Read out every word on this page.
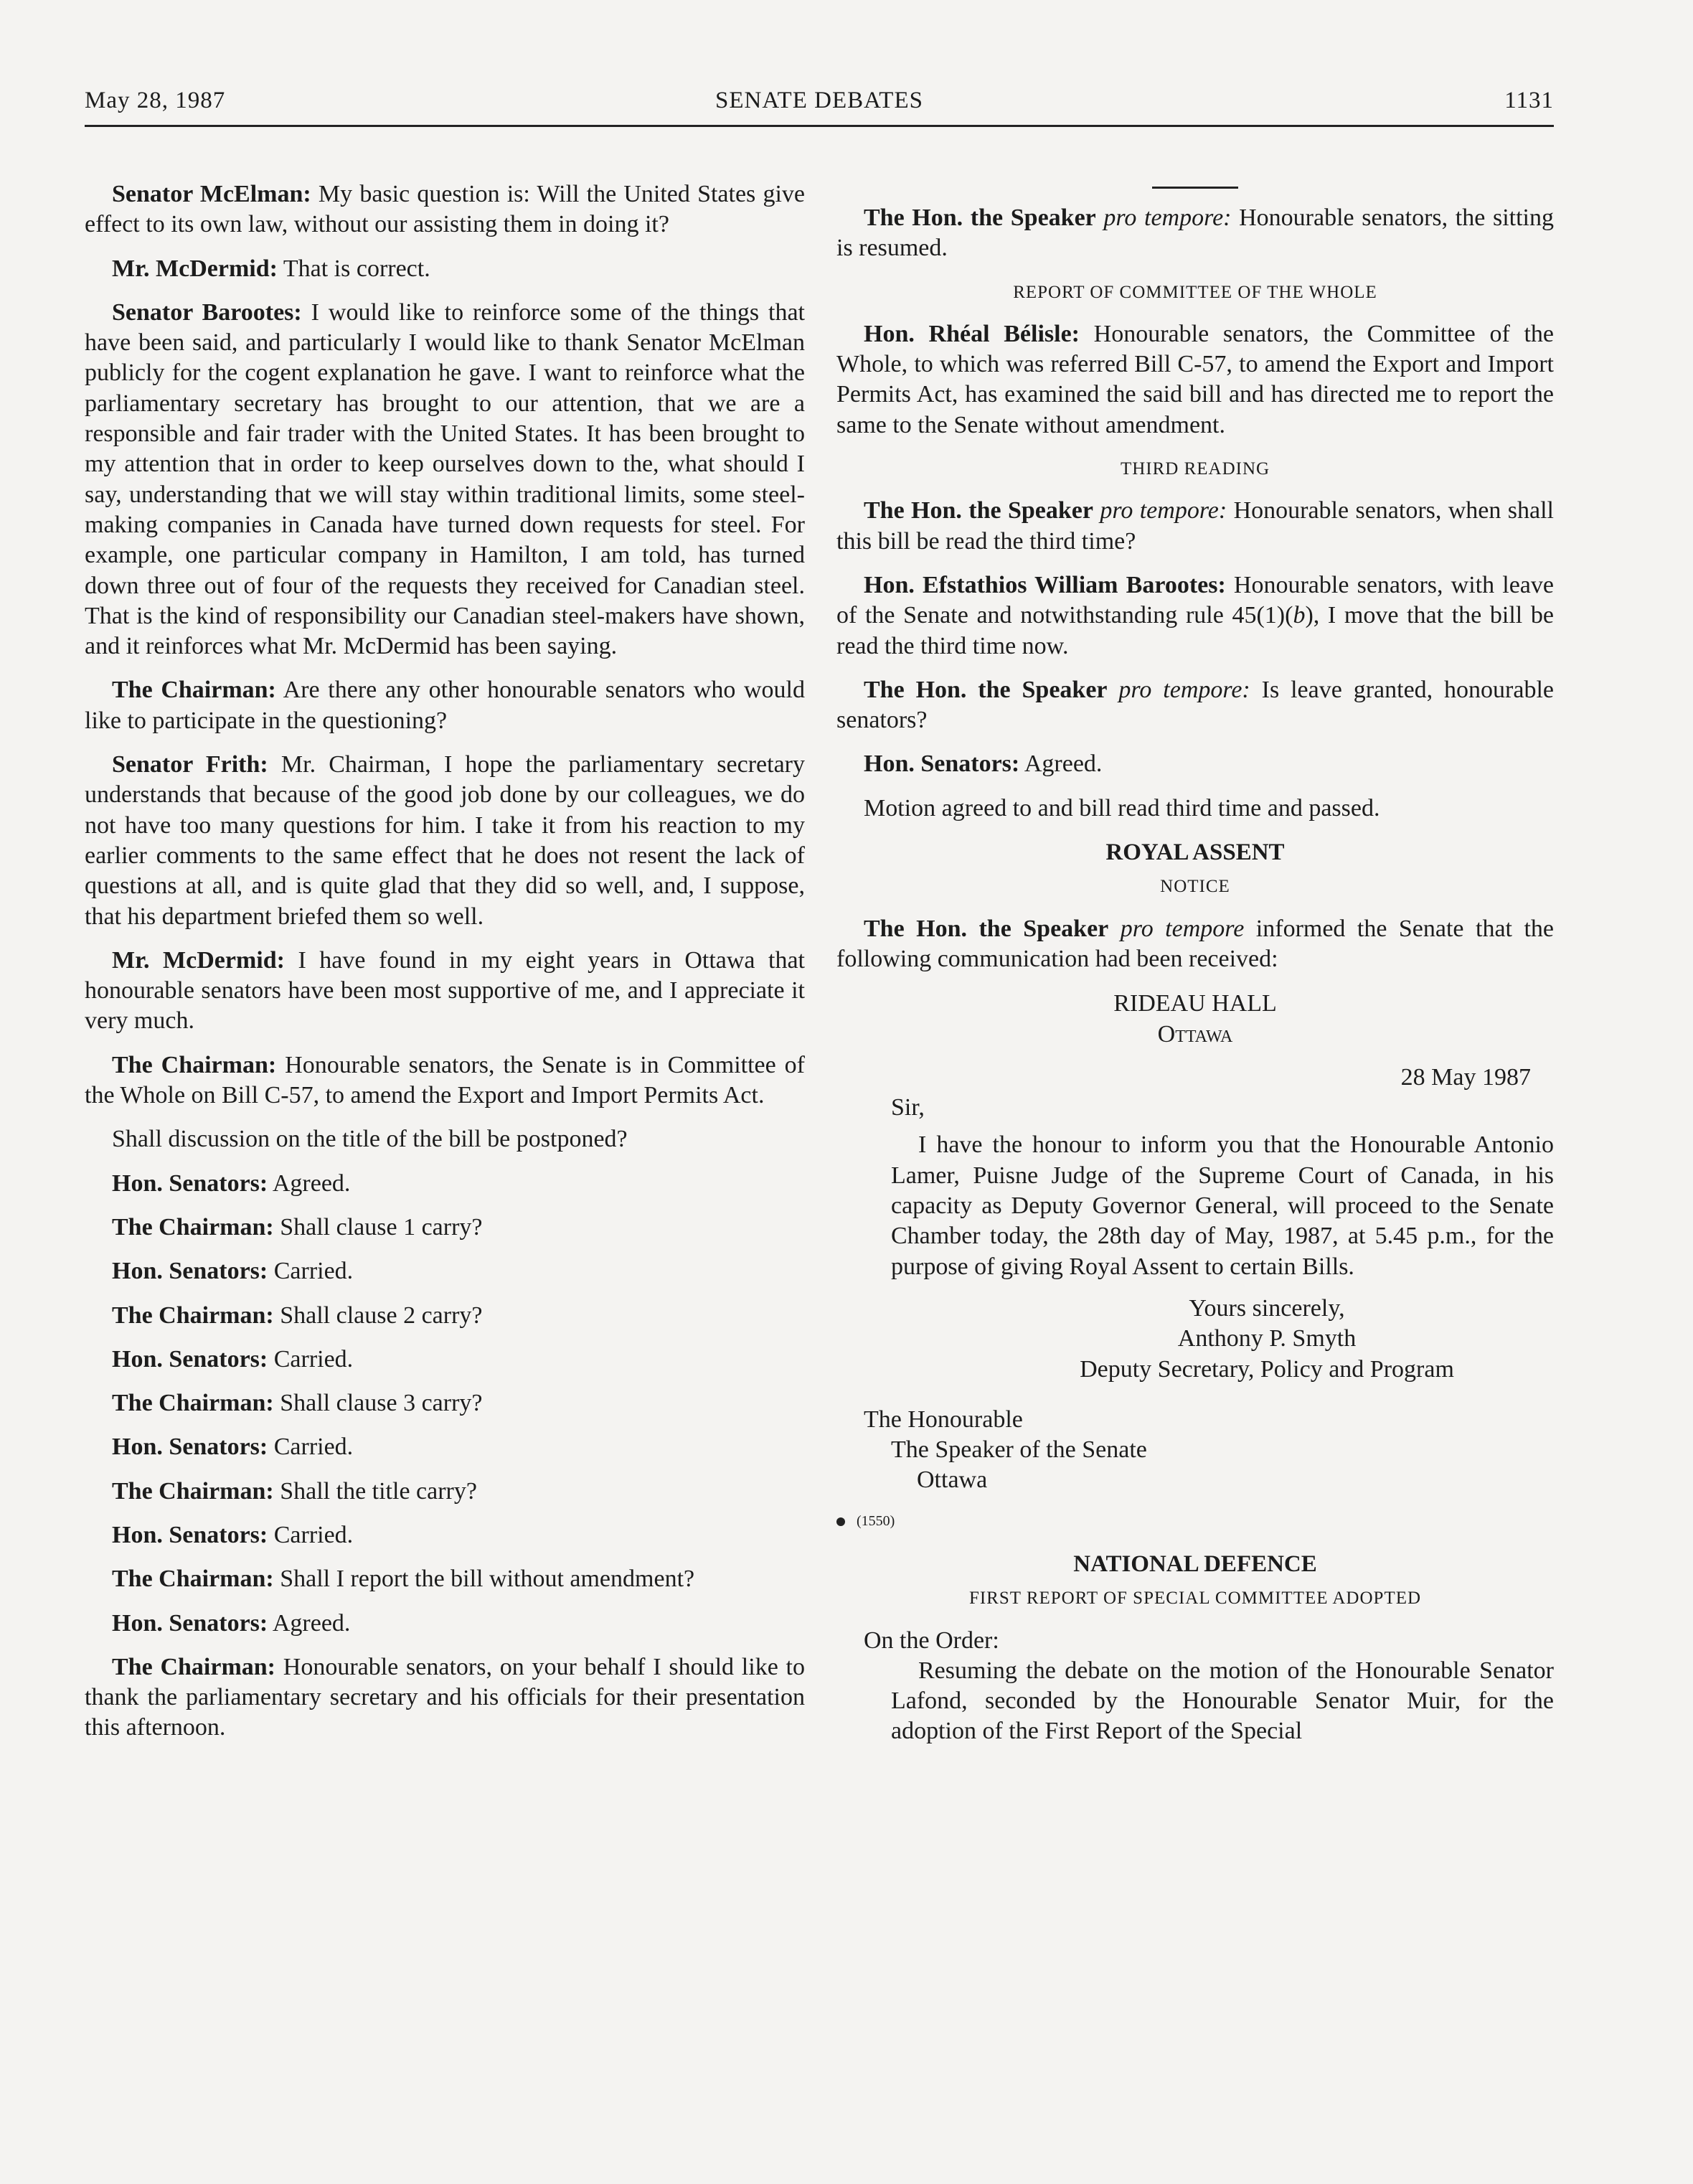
May 28, 1987	SENATE DEBATES	1131

Senator McElman: My basic question is: Will the United States give effect to its own law, without our assisting them in doing it?

Mr. McDermid: That is correct.

Senator Barootes: I would like to reinforce some of the things that have been said, and particularly I would like to thank Senator McElman publicly for the cogent explanation he gave. I want to reinforce what the parliamentary secretary has brought to our attention, that we are a responsible and fair trader with the United States. It has been brought to my attention that in order to keep ourselves down to the, what should I say, understanding that we will stay within traditional limits, some steel-making companies in Canada have turned down requests for steel. For example, one particular company in Hamilton, I am told, has turned down three out of four of the requests they received for Canadian steel. That is the kind of responsibility our Canadian steel-makers have shown, and it reinforces what Mr. McDermid has been saying.

The Chairman: Are there any other honourable senators who would like to participate in the questioning?

Senator Frith: Mr. Chairman, I hope the parliamentary secretary understands that because of the good job done by our colleagues, we do not have too many questions for him. I take it from his reaction to my earlier comments to the same effect that he does not resent the lack of questions at all, and is quite glad that they did so well, and, I suppose, that his department briefed them so well.

Mr. McDermid: I have found in my eight years in Ottawa that honourable senators have been most supportive of me, and I appreciate it very much.

The Chairman: Honourable senators, the Senate is in Committee of the Whole on Bill C-57, to amend the Export and Import Permits Act.

Shall discussion on the title of the bill be postponed?

Hon. Senators: Agreed.

The Chairman: Shall clause 1 carry?

Hon. Senators: Carried.

The Chairman: Shall clause 2 carry?

Hon. Senators: Carried.

The Chairman: Shall clause 3 carry?

Hon. Senators: Carried.

The Chairman: Shall the title carry?

Hon. Senators: Carried.

The Chairman: Shall I report the bill without amendment?

Hon. Senators: Agreed.

The Chairman: Honourable senators, on your behalf I should like to thank the parliamentary secretary and his officials for their presentation this afternoon.

The Hon. the Speaker pro tempore: Honourable senators, the sitting is resumed.

REPORT OF COMMITTEE OF THE WHOLE

Hon. Rhéal Bélisle: Honourable senators, the Committee of the Whole, to which was referred Bill C-57, to amend the Export and Import Permits Act, has examined the said bill and has directed me to report the same to the Senate without amendment.

THIRD READING

The Hon. the Speaker pro tempore: Honourable senators, when shall this bill be read the third time?

Hon. Efstathios William Barootes: Honourable senators, with leave of the Senate and notwithstanding rule 45(1)(b), I move that the bill be read the third time now.

The Hon. the Speaker pro tempore: Is leave granted, honourable senators?

Hon. Senators: Agreed.

Motion agreed to and bill read third time and passed.

ROYAL ASSENT
NOTICE

The Hon. the Speaker pro tempore informed the Senate that the following communication had been received:

RIDEAU HALL

Ottawa

28 May 1987

Sir,

I have the honour to inform you that the Honourable Antonio Lamer, Puisne Judge of the Supreme Court of Canada, in his capacity as Deputy Governor General, will proceed to the Senate Chamber today, the 28th day of May, 1987, at 5.45 p.m., for the purpose of giving Royal Assent to certain Bills.

Yours sincerely,

Anthony P. Smyth

Deputy Secretary, Policy and Program

The Honourable

The Speaker of the Senate

Ottawa

(1550)
NATIONAL DEFENCE
FIRST REPORT OF SPECIAL COMMITTEE ADOPTED

On the Order:

Resuming the debate on the motion of the Honourable Senator Lafond, seconded by the Honourable Senator Muir, for the adoption of the First Report of the Special
